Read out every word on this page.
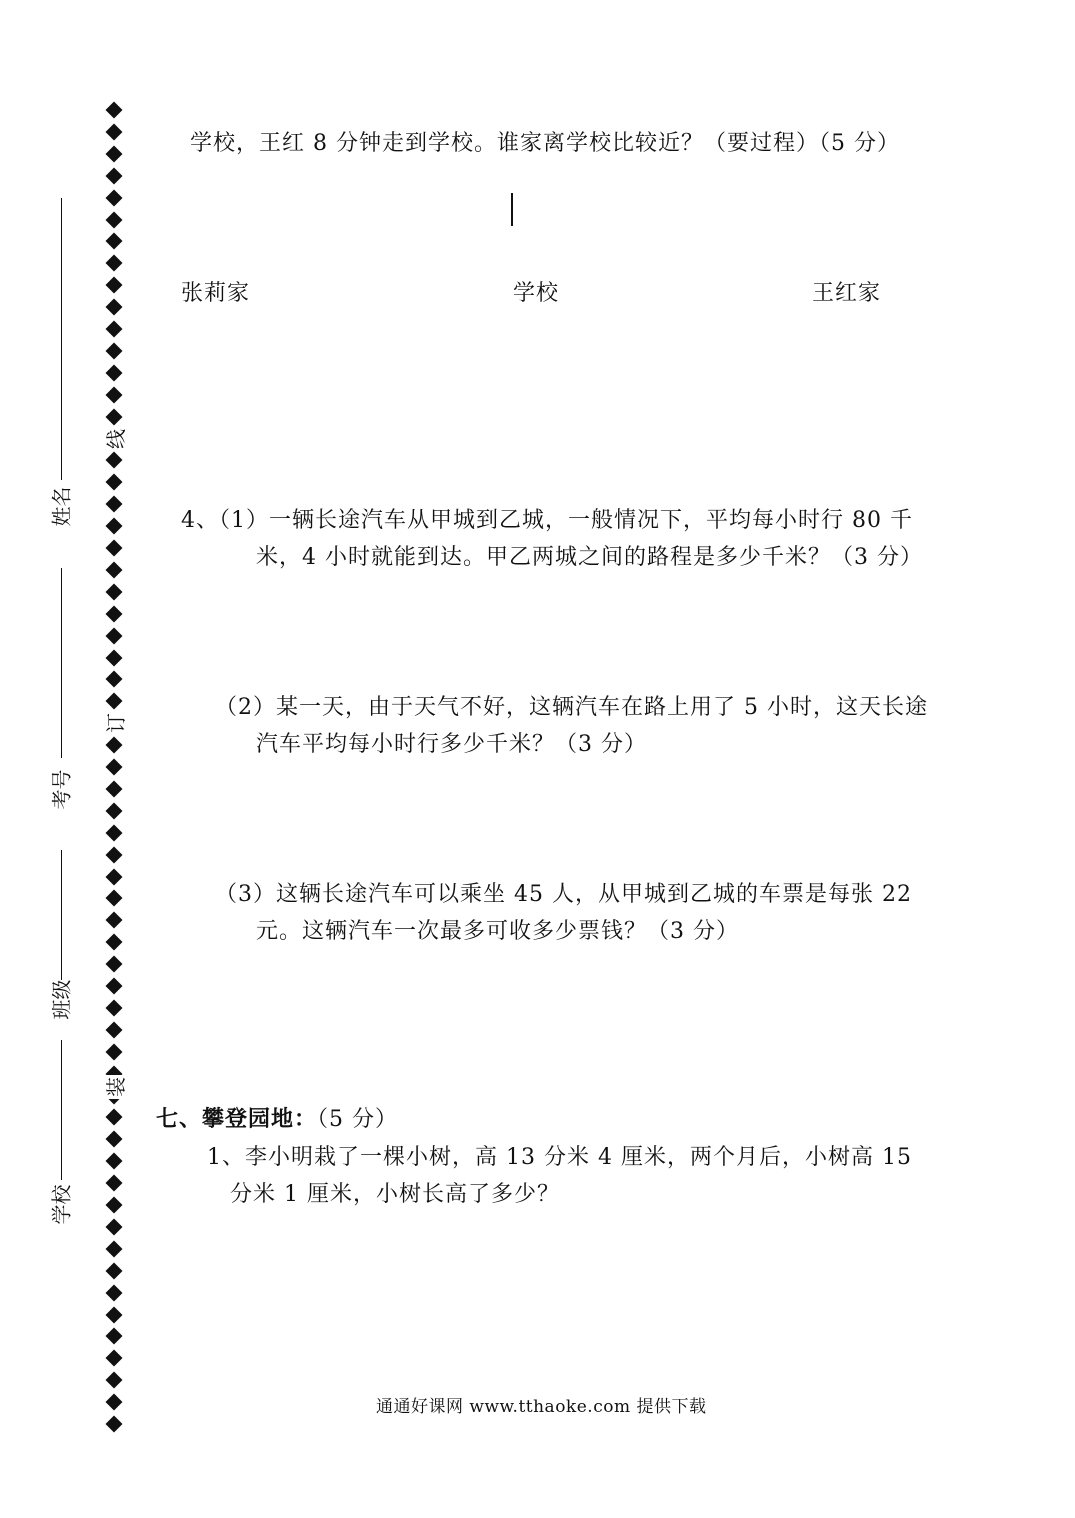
线
订
装
姓名
考号
班级
学校
学校，王红 8 分钟走到学校。谁家离学校比较近？（要过程）（5 分）
张莉家	学校	王红家
4、（1）一辆长途汽车从甲城到乙城，一般情况下，平均每小时行 80 千
米，4 小时就能到达。甲乙两城之间的路程是多少千米？（3 分）
（2）某一天，由于天气不好，这辆汽车在路上用了 5 小时，这天长途
汽车平均每小时行多少千米？（3 分）
（3）这辆长途汽车可以乘坐 45 人，从甲城到乙城的车票是每张 22
元。这辆汽车一次最多可收多少票钱？（3 分）
七、攀登园地：（5 分）
1、李小明栽了一棵小树，高 13 分米 4 厘米，两个月后，小树高 15
分米 1 厘米，小树长高了多少？
通通好课网 www.tthaoke.com 提供下载
